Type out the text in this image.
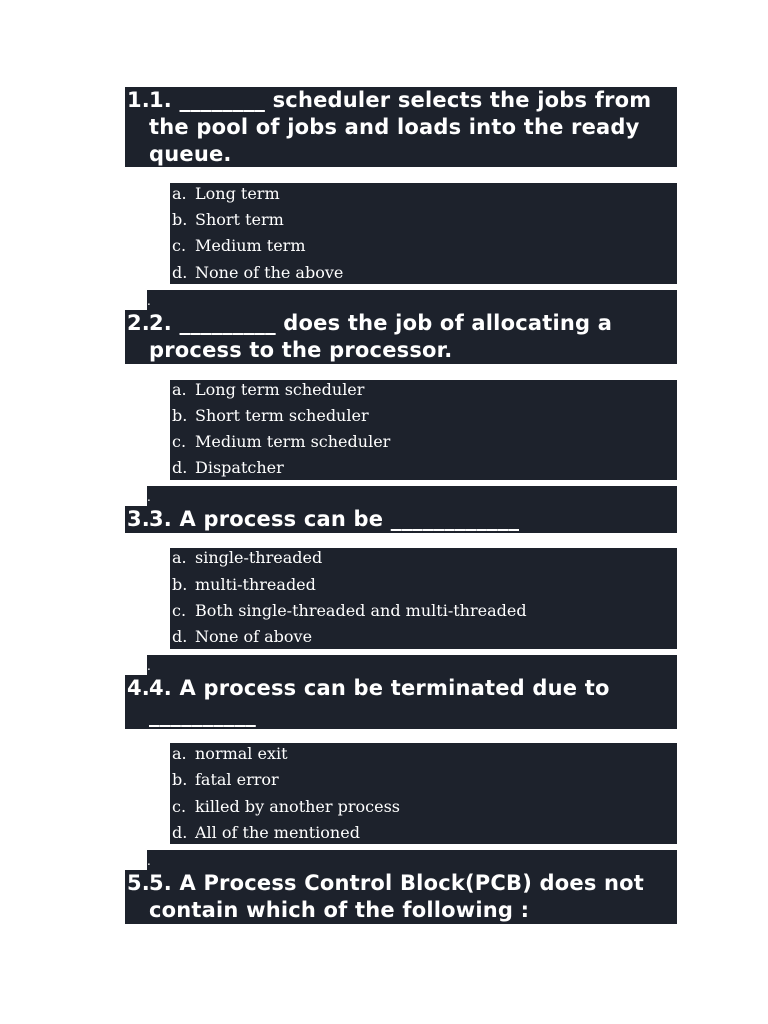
1. 1. ________ scheduler selects the jobs from the pool of jobs and loads into the ready queue.
a. Long term
b. Short term
c. Medium term
d. None of the above
2. 2. _________ does the job of allocating a process to the processor.
.
a. Long term scheduler
b. Short term scheduler
c. Medium term scheduler
d. Dispatcher
3. 3. A process can be ____________
.
a. single-threaded
b. multi-threaded
c. Both single-threaded and multi-threaded
d. None of above
4. 4. A process can be terminated due to __________
.
a. normal exit
b. fatal error
c. killed by another process
d. All of the mentioned
5. 5. A Process Control Block(PCB) does not contain which of the following :
.
